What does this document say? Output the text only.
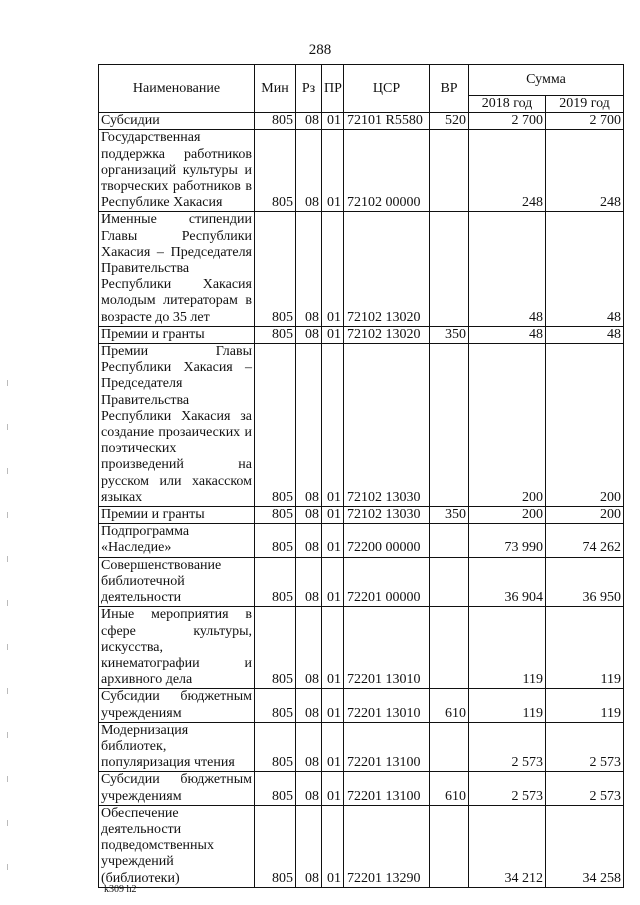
288
Наименование	Мин	Рз	ПР	ЦСР	ВР	Сумма	
						2018 год	2019 год
Субсидии	805	08	01	72101 R5580	520	2 700	2 700
Государственная поддержка работников организаций культуры и творческих работников в Республике Хакасия	805	08	01	72102 00000		248	248
Именные стипендии Главы Республики Хакасия – Председателя Правительства Республики Хакасия молодым литераторам в возрасте до 35 лет	805	08	01	72102 13020		48	48
Премии и гранты	805	08	01	72102 13020	350	48	48
Премии Главы Республики Хакасия – Председателя Правительства Республики Хакасия за создание прозаических и поэтических произведений на русском или хакасском языках	805	08	01	72102 13030		200	200
Премии и гранты	805	08	01	72102 13030	350	200	200
Подпрограмма «Наследие»	805	08	01	72200 00000		73 990	74 262
Совершенствование библиотечной деятельности	805	08	01	72201 00000		36 904	36 950
Иные мероприятия в сфере культуры, искусства, кинематографии и архивного дела	805	08	01	72201 13010		119	119
Субсидии бюджетным учреждениям	805	08	01	72201 13010	610	119	119
Модернизация библиотек, популяризация чтения	805	08	01	72201 13100		2 573	2 573
Субсидии бюджетным учреждениям	805	08	01	72201 13100	610	2 573	2 573
Обеспечение деятельности подведомственных учреждений (библиотеки)	805	08	01	72201 13290		34 212	34 258
k309 h2
